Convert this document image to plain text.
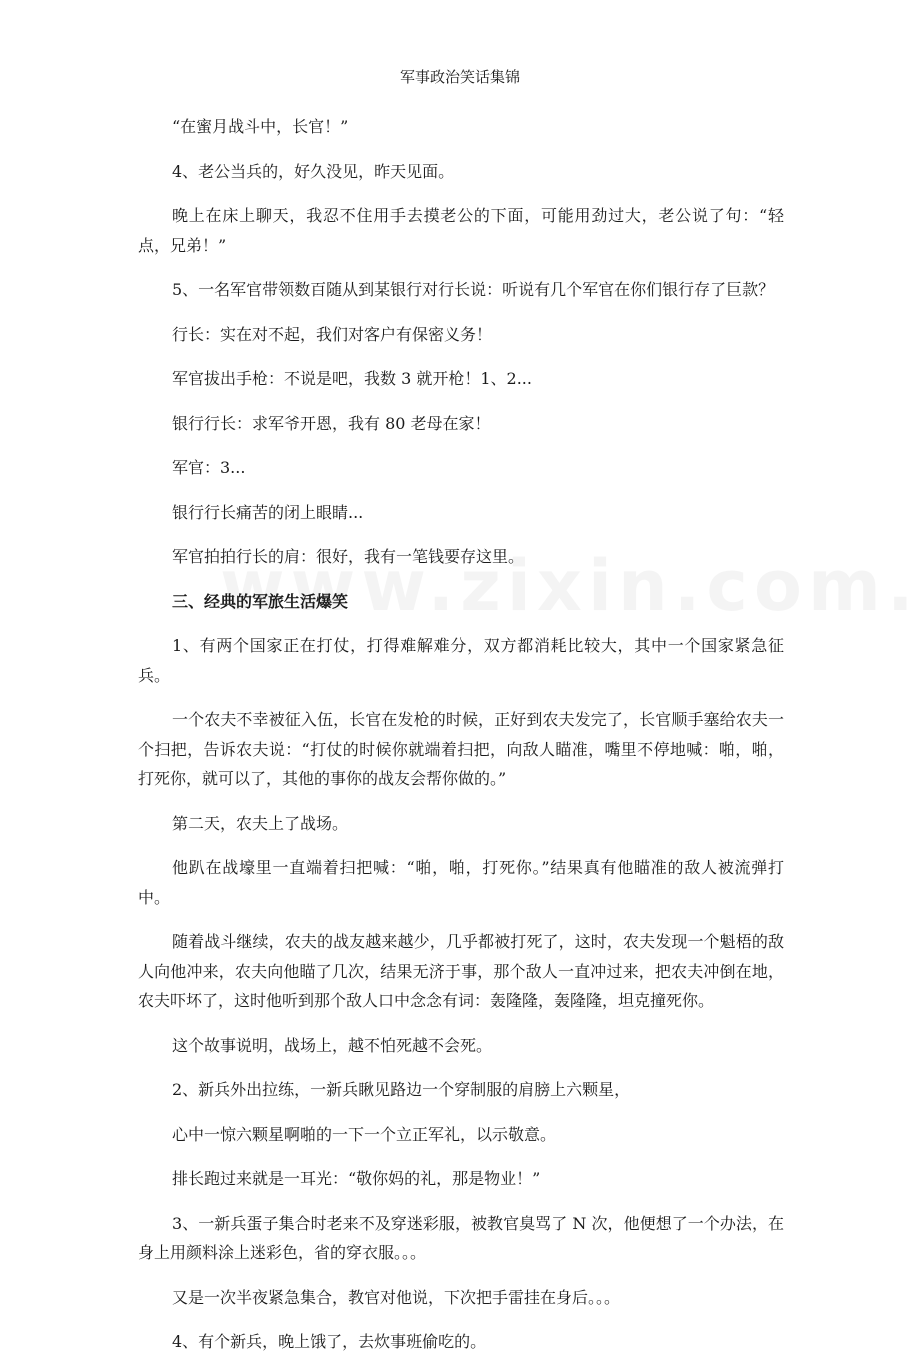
军事政治笑话集锦

“在蜜月战斗中，长官！”

4、老公当兵的，好久没见，昨天见面。

晚上在床上聊天，我忍不住用手去摸老公的下面，可能用劲过大，老公说了句：“轻点，兄弟！”

5、一名军官带领数百随从到某银行对行长说：听说有几个军官在你们银行存了巨款？

行长：实在对不起，我们对客户有保密义务！

军官拔出手枪：不说是吧，我数 3 就开枪！1、2...

银行行长：求军爷开恩，我有 80 老母在家！

军官：3...

银行行长痛苦的闭上眼睛...

军官拍拍行长的肩：很好，我有一笔钱要存这里。

三、经典的军旅生活爆笑

1、有两个国家正在打仗，打得难解难分，双方都消耗比较大，其中一个国家紧急征兵。

一个农夫不幸被征入伍，长官在发枪的时候，正好到农夫发完了，长官顺手塞给农夫一个扫把，告诉农夫说：“打仗的时候你就端着扫把，向敌人瞄准，嘴里不停地喊：啪，啪，打死你，就可以了，其他的事你的战友会帮你做的。”

第二天，农夫上了战场。

他趴在战壕里一直端着扫把喊：“啪，啪，打死你。”结果真有他瞄准的敌人被流弹打中。

随着战斗继续，农夫的战友越来越少，几乎都被打死了，这时，农夫发现一个魁梧的敌人向他冲来，农夫向他瞄了几次，结果无济于事，那个敌人一直冲过来，把农夫冲倒在地，农夫吓坏了，这时他听到那个敌人口中念念有词：轰隆隆，轰隆隆，坦克撞死你。

这个故事说明，战场上，越不怕死越不会死。

2、新兵外出拉练，一新兵瞅见路边一个穿制服的肩膀上六颗星，

心中一惊六颗星啊啪的一下一个立正军礼，以示敬意。

排长跑过来就是一耳光：“敬你妈的礼，那是物业！”

3、一新兵蛋子集合时老来不及穿迷彩服，被教官臭骂了 N 次，他便想了一个办法，在身上用颜料涂上迷彩色，省的穿衣服。。。

又是一次半夜紧急集合，教官对他说，下次把手雷挂在身后。。。

4、有个新兵，晚上饿了，去炊事班偷吃的。
